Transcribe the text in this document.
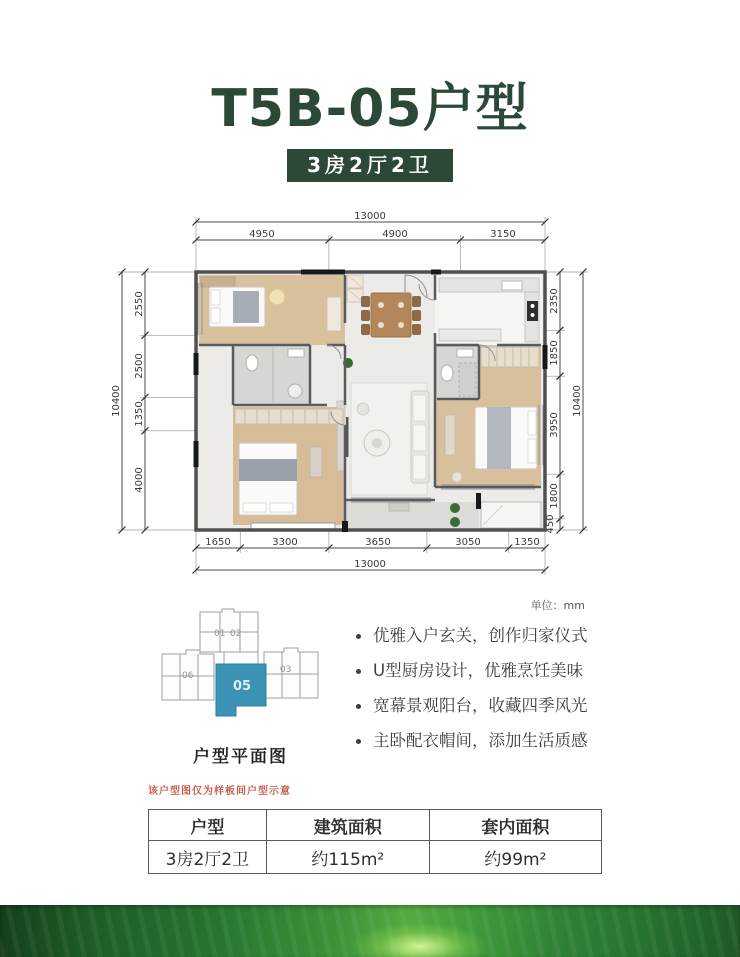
T5B-05户型
3房2厅2卫
13000
4950	4900	3150
10400
2550
2500
1350
4000
10400
2350
1850
3950
1800
450
1650	3300	3650	3050	1350
13000
单位：mm
01 02
06
03
05
户型平面图
优雅入户玄关，创作归家仪式
U型厨房设计，优雅烹饪美味
宽幕景观阳台，收藏四季风光
主卧配衣帽间，添加生活质感
该户型图仅为样板间户型示意
户型	建筑面积	套内面积
3房2厅2卫	约115m²	约99m²
